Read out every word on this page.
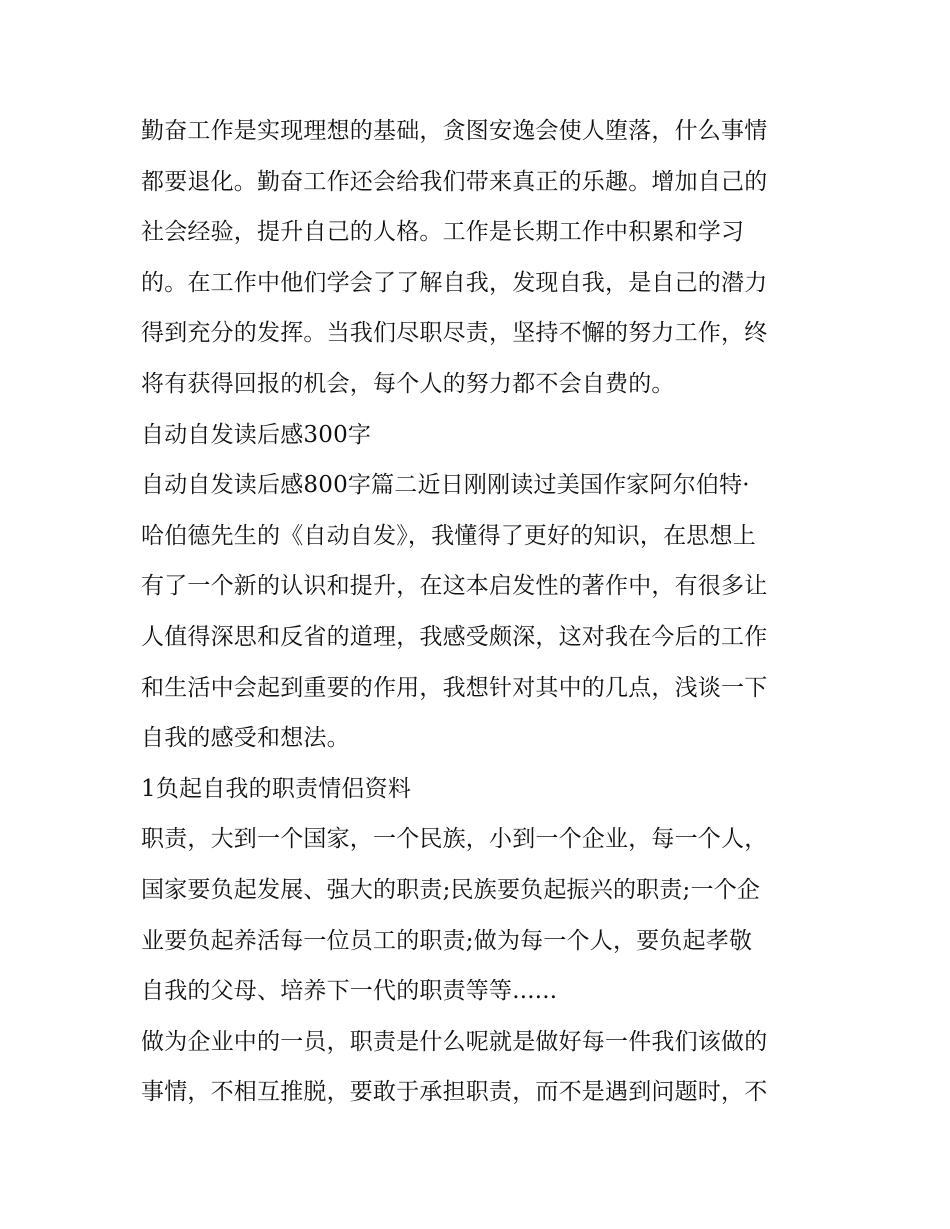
勤奋工作是实现理想的基础，贪图安逸会使人堕落，什么事情
都要退化。勤奋工作还会给我们带来真正的乐趣。增加自己的
社会经验，提升自己的人格。工作是长期工作中积累和学习
的。在工作中他们学会了了解自我，发现自我，是自己的潜力
得到充分的发挥。当我们尽职尽责，坚持不懈的努力工作，终
将有获得回报的机会，每个人的努力都不会自费的。
自动自发读后感300字
自动自发读后感800字篇二近日刚刚读过美国作家阿尔伯特·
哈伯德先生的《自动自发》，我懂得了更好的知识，在思想上
有了一个新的认识和提升，在这本启发性的著作中，有很多让
人值得深思和反省的道理，我感受颇深，这对我在今后的工作
和生活中会起到重要的作用，我想针对其中的几点，浅谈一下
自我的感受和想法。
1负起自我的职责情侣资料
职责，大到一个国家，一个民族，小到一个企业，每一个人，
国家要负起发展、强大的职责;民族要负起振兴的职责;一个企
业要负起养活每一位员工的职责;做为每一个人，要负起孝敬
自我的父母、培养下一代的职责等等......
做为企业中的一员，职责是什么呢就是做好每一件我们该做的
事情，不相互推脱，要敢于承担职责，而不是遇到问题时，不
